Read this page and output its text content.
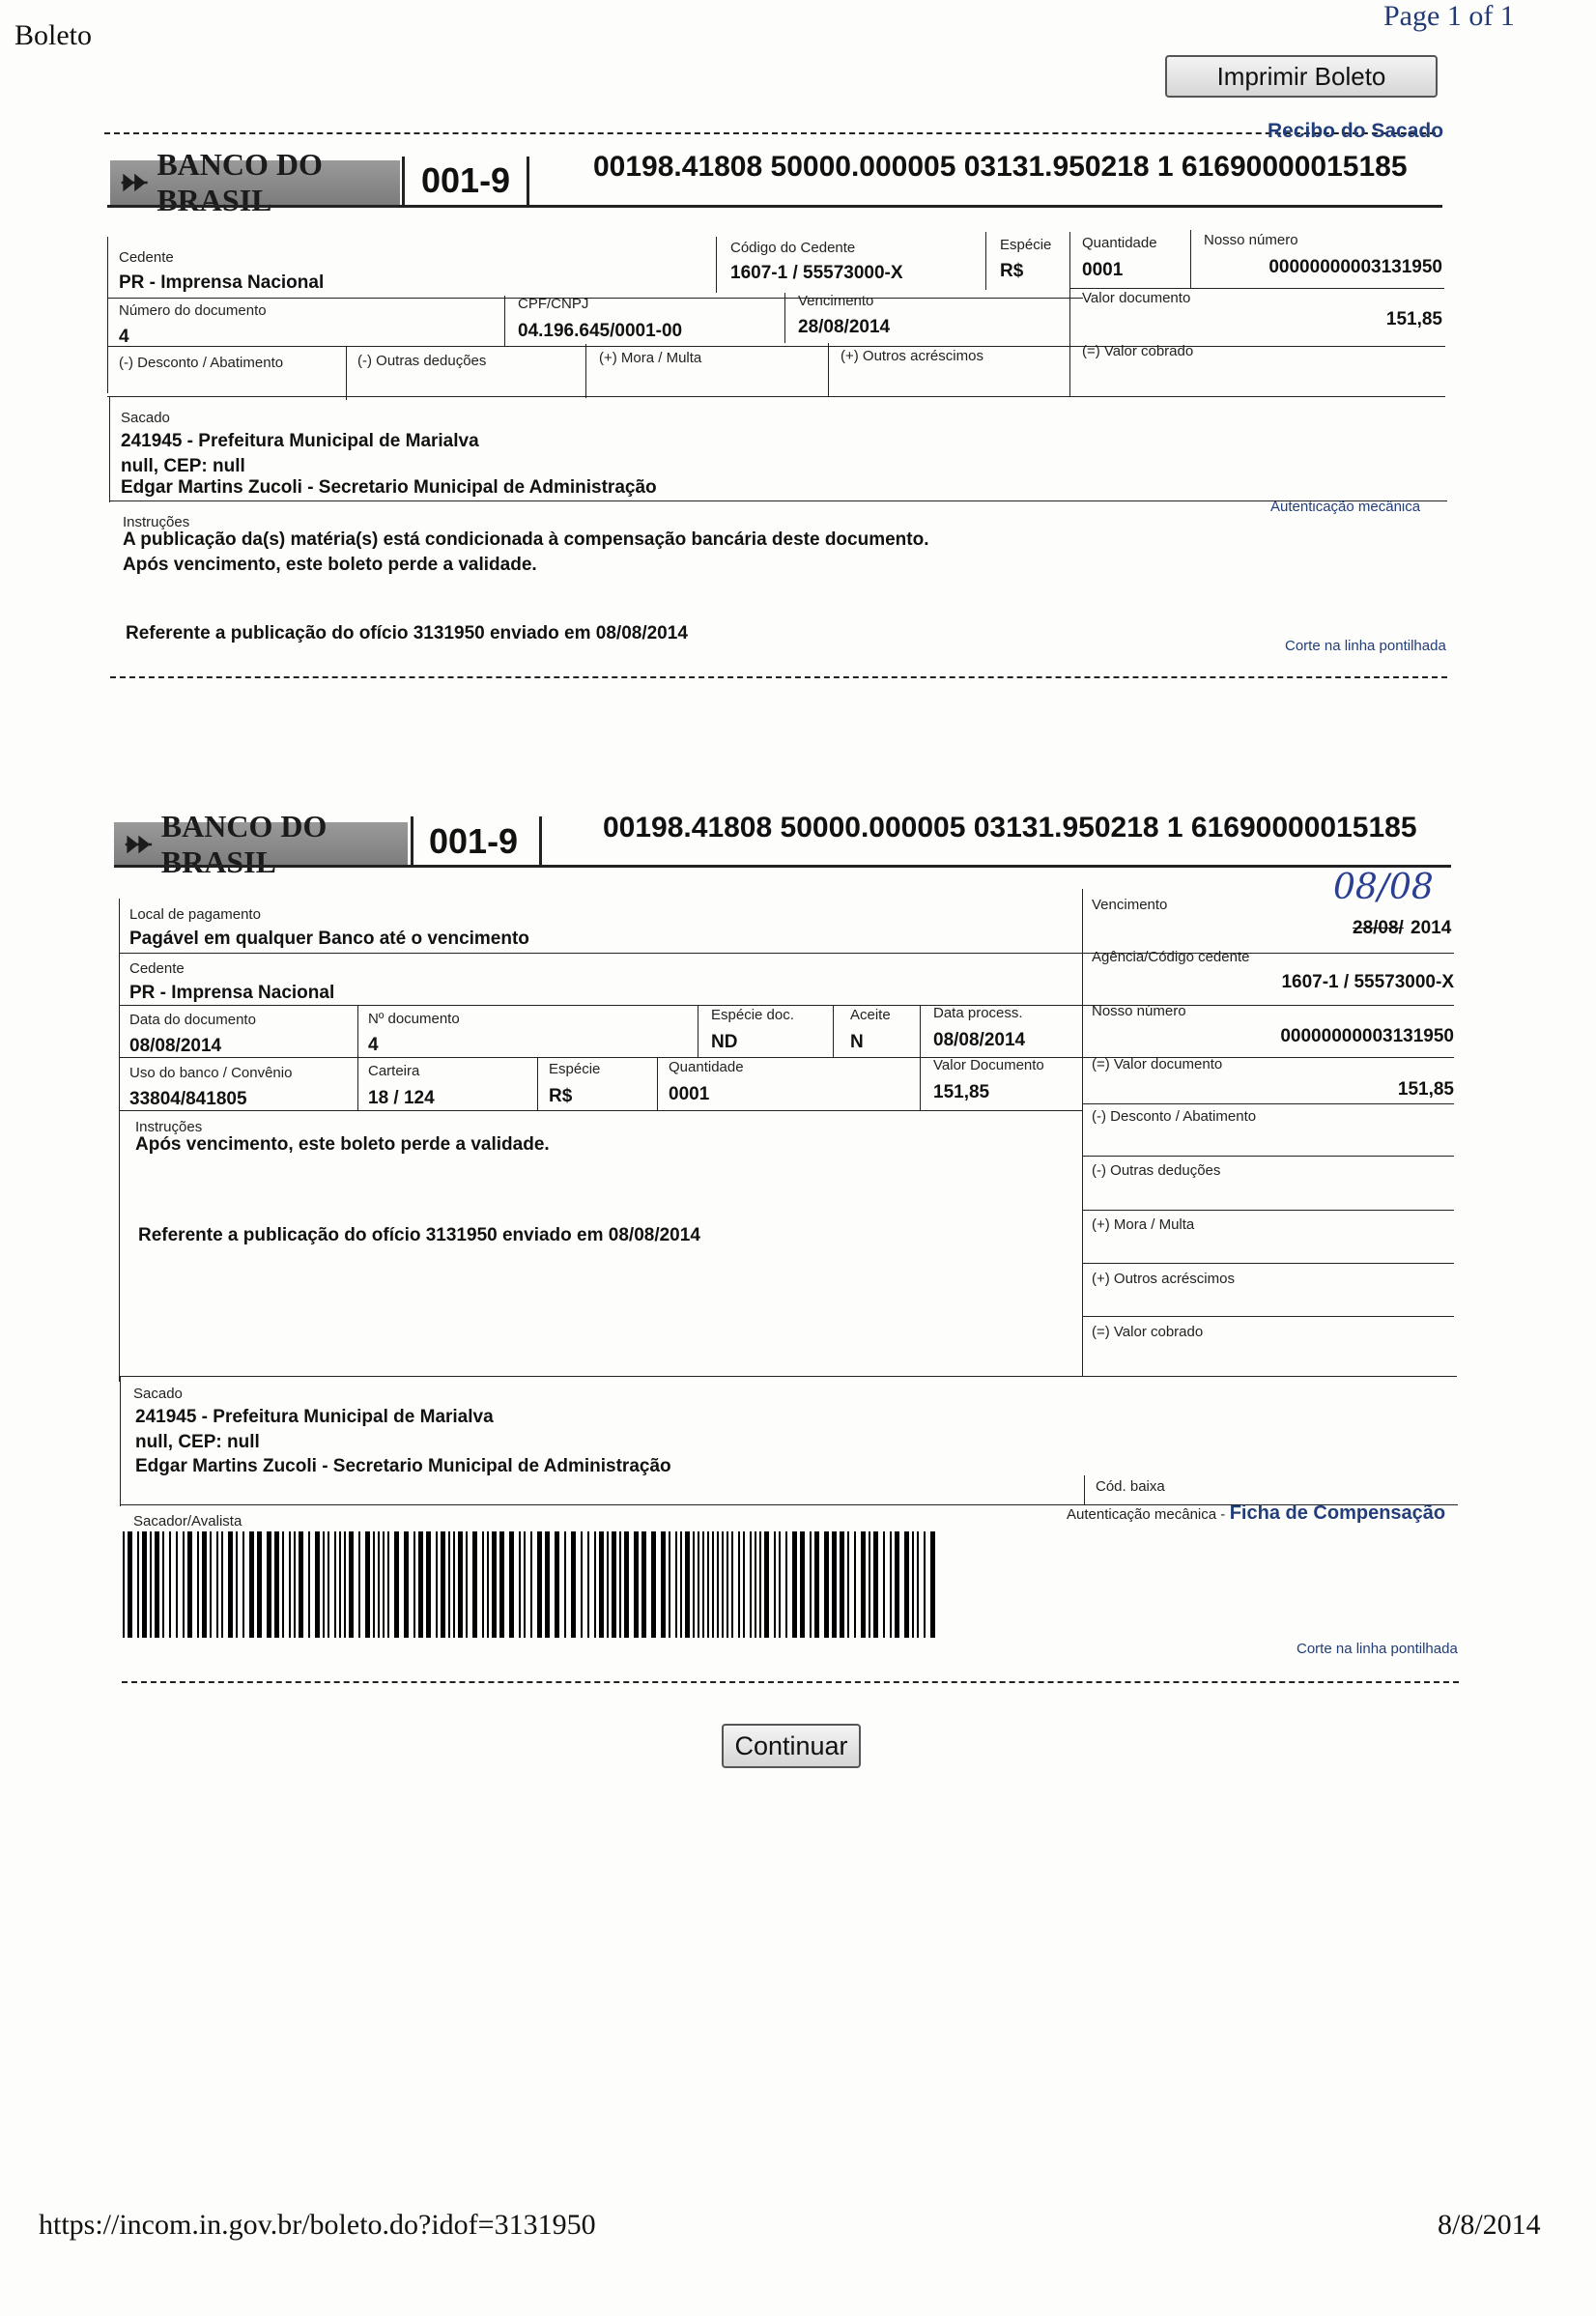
Boleto
Page 1 of 1
Imprimir Boleto
Recibo do Sacado
BANCO DO BRASIL	001-9	00198.41808 50000.000005 03131.950218 1 61690000015185
Cedente
PR - Imprensa Nacional
Código do Cedente
1607-1 / 55573000-X
Espécie
R$
Quantidade
0001
Nosso número
00000000003131950
Número do documento
4
CPF/CNPJ
04.196.645/0001-00
Vencimento
28/08/2014
Valor documento
151,85
(-) Desconto / Abatimento	(-) Outras deduções	(+) Mora / Multa	(+) Outros acréscimos	(=) Valor cobrado
Sacado
241945 - Prefeitura Municipal de Marialva
null, CEP: null
Edgar Martins Zucoli - Secretario Municipal de Administração
Autenticação mecânica
Instruções
A publicação da(s) matéria(s) está condicionada à compensação bancária deste documento.
Após vencimento, este boleto perde a validade.
Referente a publicação do ofício 3131950 enviado em 08/08/2014
Corte na linha pontilhada
BANCO DO BRASIL
001-9	00198.41808 50000.000005 03131.950218 1 61690000015185
Local de pagamento
Pagável em qualquer Banco até o vencimento
Vencimento	08/08
28/08/ 2014
Cedente
PR - Imprensa Nacional
Agência/Código cedente
1607-1 / 55573000-X
Data do documento
08/08/2014
Nº documento
4
Espécie doc.
ND
Aceite
N
Data process.
08/08/2014
Nosso número
00000000003131950
Uso do banco / Convênio
33804/841805
Carteira
18 / 124
Espécie
R$
Quantidade
0001
Valor Documento
151,85
(=) Valor documento
151,85
(-) Desconto / Abatimento
(-) Outras deduções
(+) Mora / Multa
(+) Outros acréscimos
(=) Valor cobrado
Instruções
Após vencimento, este boleto perde a validade.
Referente a publicação do ofício 3131950 enviado em 08/08/2014
Sacado
241945 - Prefeitura Municipal de Marialva
null, CEP: null
Edgar Martins Zucoli - Secretario Municipal de Administração
Cód. baixa
Sacador/Avalista	Autenticação mecânica - Ficha de Compensação
Corte na linha pontilhada
Continuar
https://incom.in.gov.br/boleto.do?idof=3131950	8/8/2014
